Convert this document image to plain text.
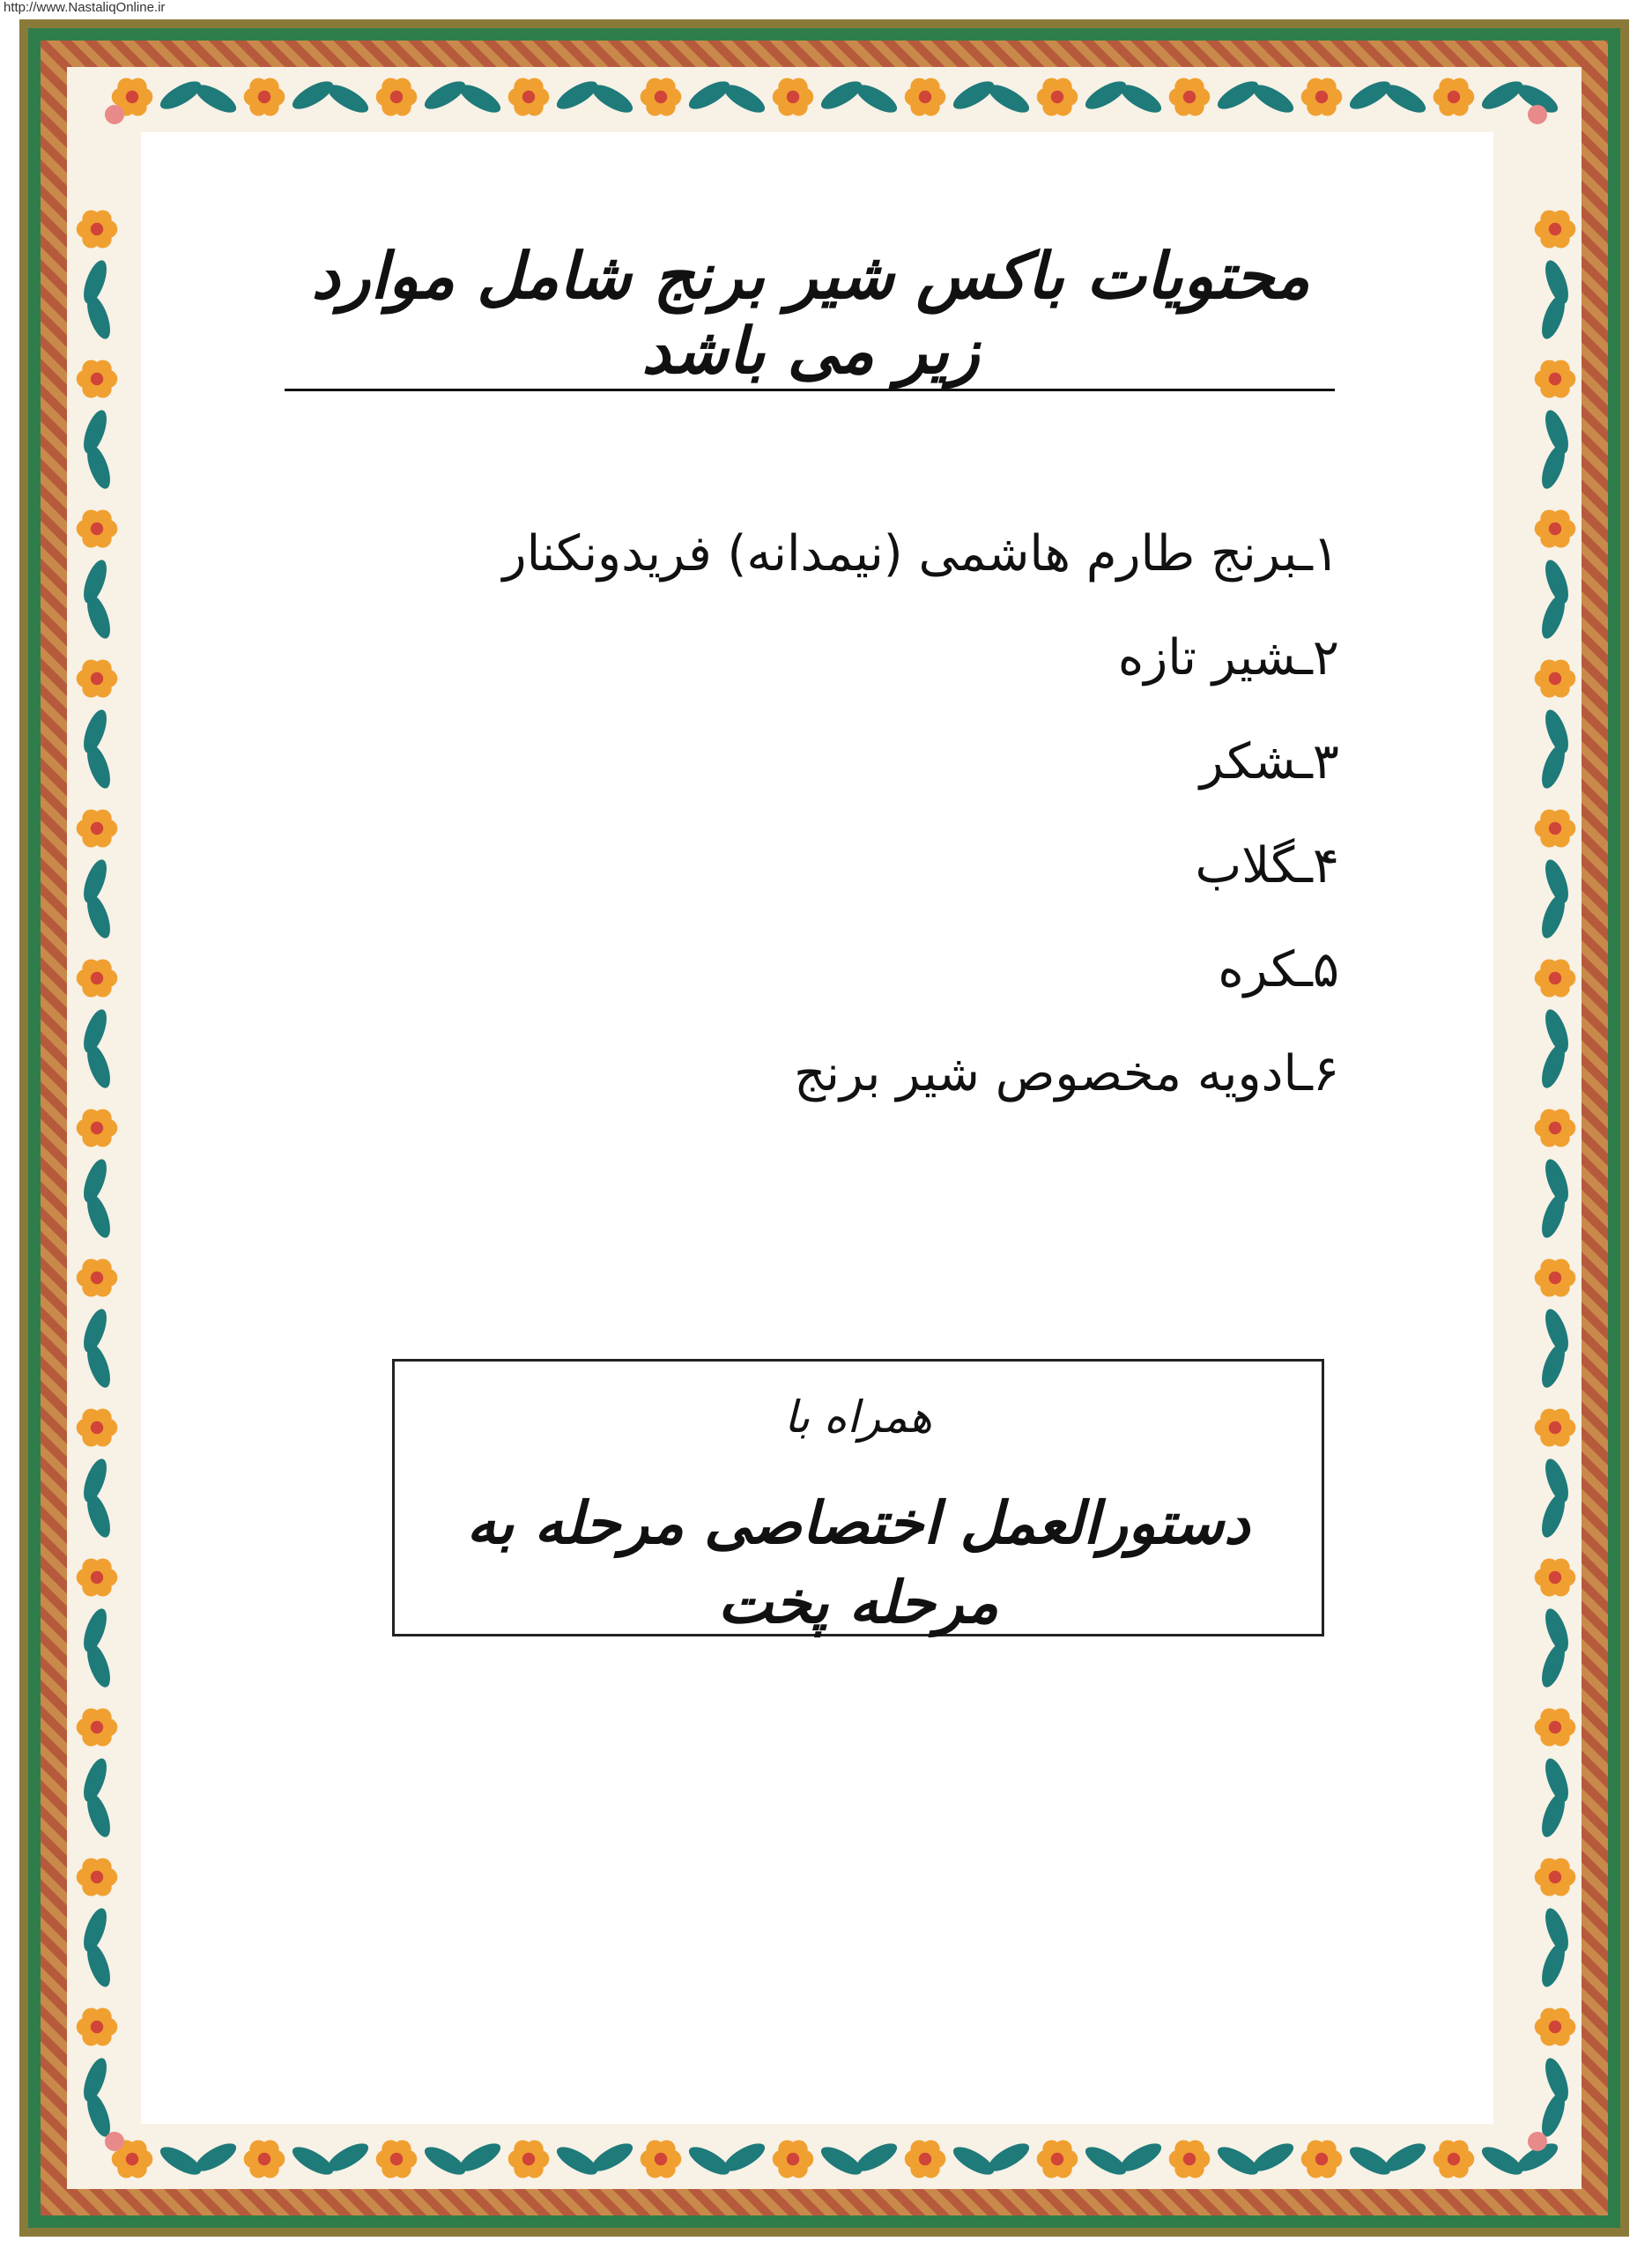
http://www.NastaliqOnline.ir
محتویات باکس شیر برنج شامل موارد زیر می باشد
۱ـبرنج طارم هاشمی (نیمدانه) فریدونکنار
۲ـشیر تازه
۳ـشکر
۴ـگلاب
۵ـکره
۶ـادویه مخصوص شیر برنج
همراه با
دستورالعمل اختصاصی مرحله به مرحله پخت
